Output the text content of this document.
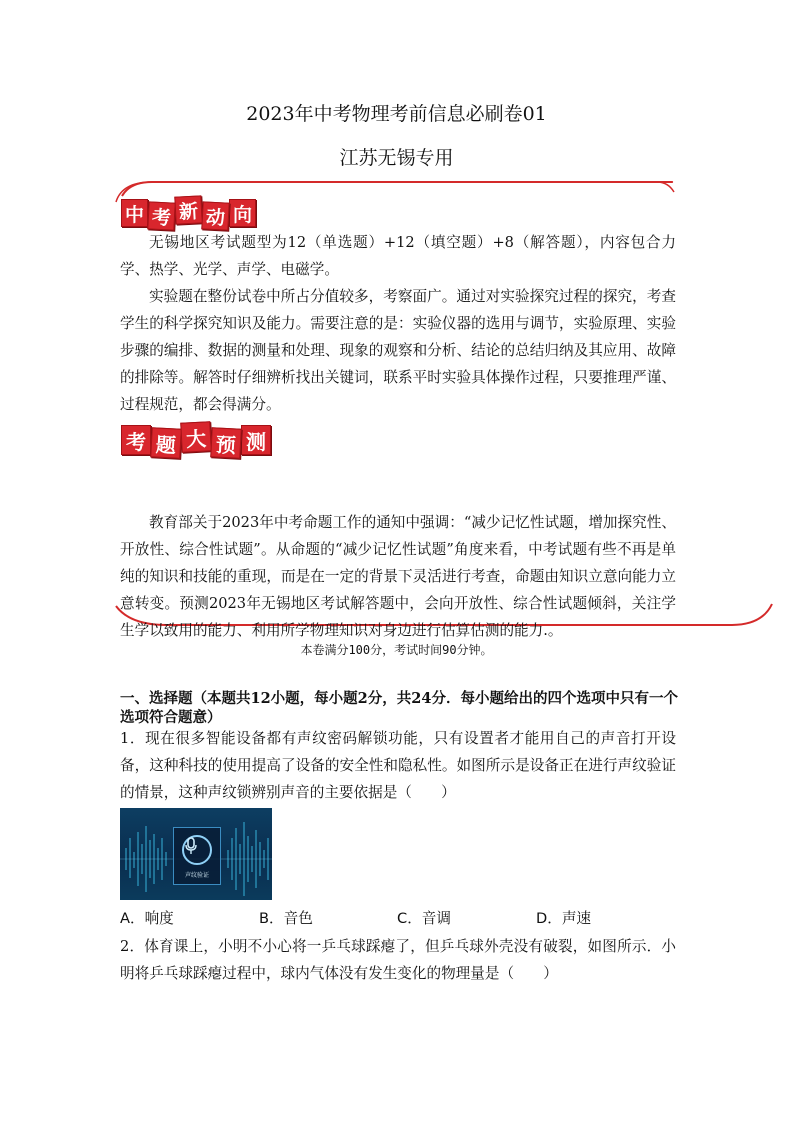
2023年中考物理考前信息必刷卷01
江苏无锡专用
中 考 新 动 向

无锡地区考试题型为12（单选题）+12（填空题）+8（解答题），内容包合力学、热学、光学、声学、电磁学。

实验题在整份试卷中所占分值较多，考察面广。通过对实验探究过程的探究，考查学生的科学探究知识及能力。需要注意的是：实验仪器的选用与调节，实验原理、实验步骤的编排、数据的测量和处理、现象的观察和分析、结论的总结归纳及其应用、故障的排除等。解答时仔细辨析找出关键词，联系平时实验具体操作过程，只要推理严谨、过程规范，都会得满分。

考 题 大 预 测

教育部关于2023年中考命题工作的通知中强调：“减少记忆性试题，增加探究性、开放性、综合性试题”。从命题的“减少记忆性试题”角度来看，中考试题有些不再是单纯的知识和技能的重现，而是在一定的背景下灵活进行考查，命题由知识立意向能力立意转变。预测2023年无锡地区考试解答题中，会向开放性、综合性试题倾斜，关注学生学以致用的能力、利用所学物理知识对身边进行估算估测的能力.。

本卷满分100分，考试时间90分钟。

一、选择题（本题共12小题，每小题2分，共24分．每小题给出的四个选项中只有一个选项符合题意）

1．现在很多智能设备都有声纹密码解锁功能，只有设置者才能用自己的声音打开设备，这种科技的使用提高了设备的安全性和隐私性。如图所示是设备正在进行声纹验证的情景，这种声纹锁辨别声音的主要依据是（　　）

声纹验证
A．响度	B．音色	C．音调	D．声速

2．体育课上，小明不小心将一乒乓球踩瘪了，但乒乓球外壳没有破裂，如图所示．小明将乒乓球踩瘪过程中，球内气体没有发生变化的物理量是（　　）
